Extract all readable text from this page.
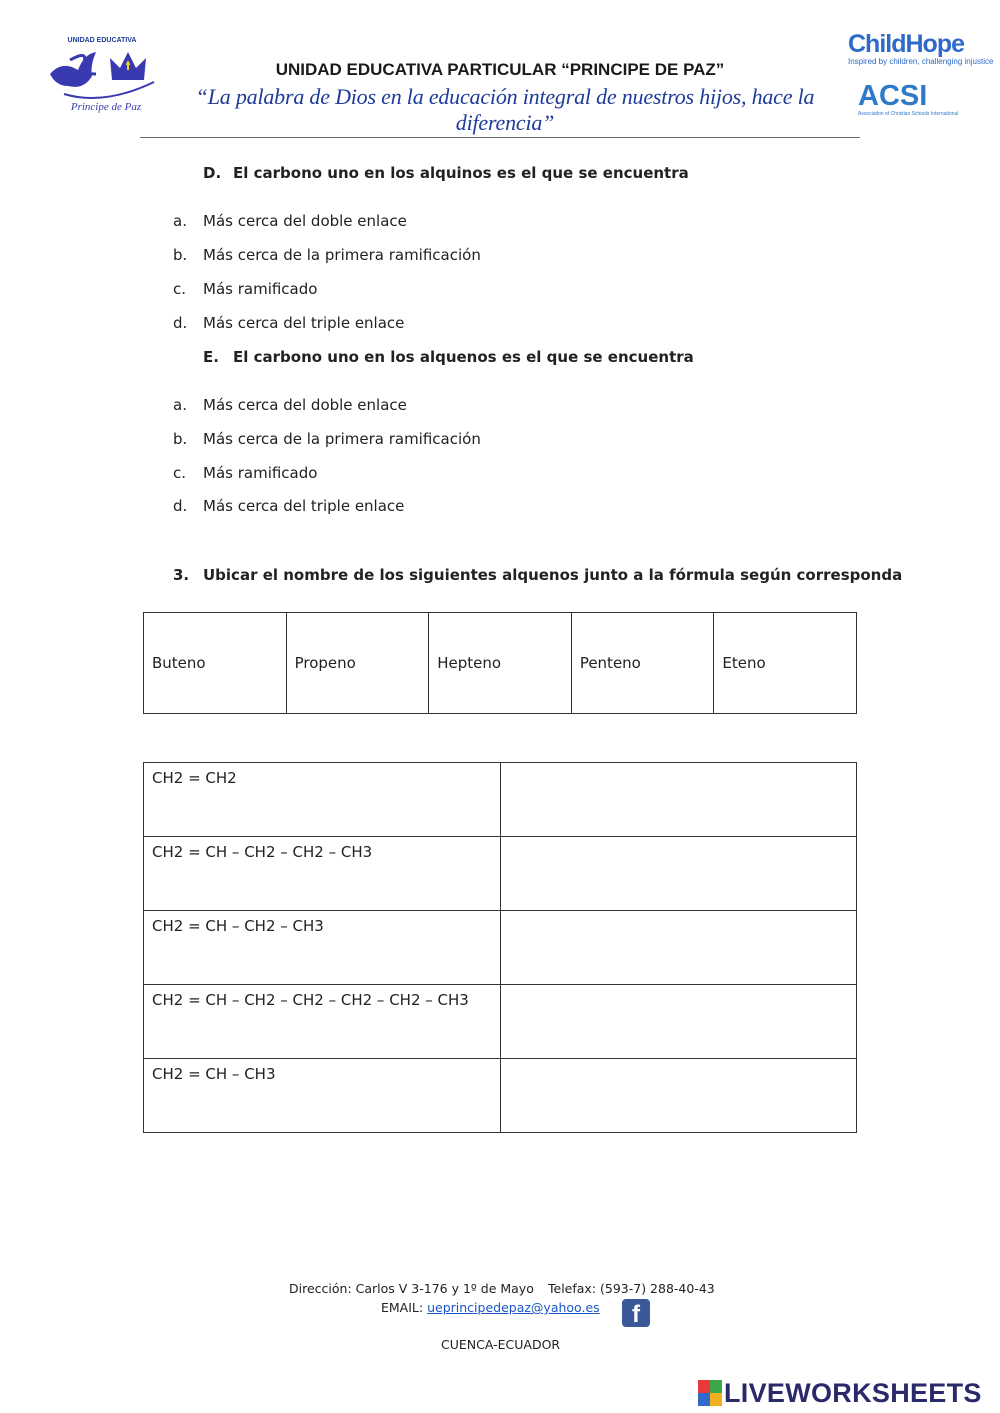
UNIDAD EDUCATIVA
Principe de Paz
UNIDAD EDUCATIVA PARTICULAR “PRINCIPE DE PAZ”
“La palabra de Dios en la educación integral de nuestros hijos, hace la diferencia”
ChildHope
Inspired by children, challenging injustice
ACSI
Association of Christian Schools International
D. El carbono uno en los alquinos es el que se encuentra
a. Más cerca del doble enlace
b. Más cerca de la primera ramificación
c. Más ramificado
d. Más cerca del triple enlace
E. El carbono uno en los alquenos es el que se encuentra
a. Más cerca del doble enlace
b. Más cerca de la primera ramificación
c. Más ramificado
d. Más cerca del triple enlace
3. Ubicar el nombre de los siguientes alquenos junto a la fórmula según corresponda
Buteno	Propeno	Hepteno	Penteno	Eteno
CH2 = CH2	
CH2 = CH – CH2 – CH2 – CH3	
CH2 = CH – CH2 – CH3	
CH2 = CH – CH2 – CH2 – CH2 – CH2 – CH3	
CH2 = CH – CH3	
Dirección: Carlos V 3-176 y 1º de Mayo Telefax: (593-7) 288-40-43
EMAIL: ueprincipedepaz@yahoo.es	f
CUENCA-ECUADOR
LIVEWORKSHEETS
